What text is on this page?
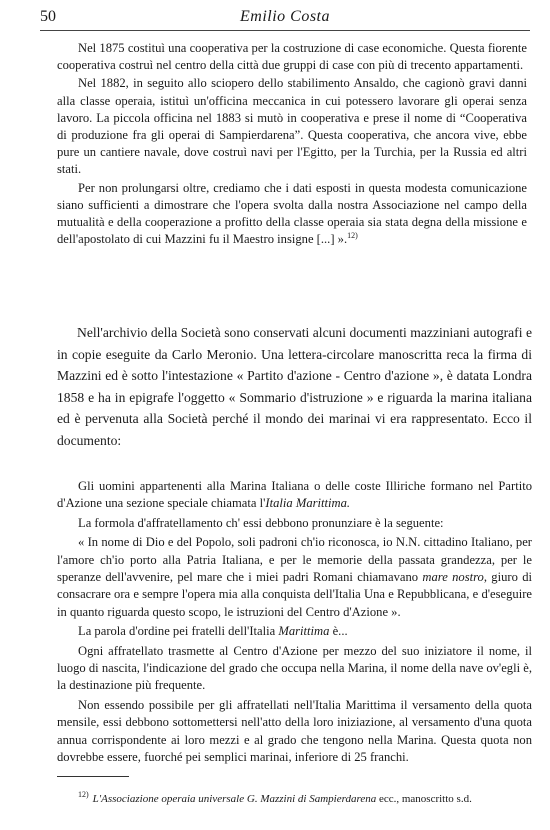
50	Emilio Costa

Nel 1875 costituì una cooperativa per la costruzione di case economiche. Questa fiorente cooperativa costruì nel centro della città due gruppi di case con più di trecento appartamenti.

Nel 1882, in seguito allo sciopero dello stabilimento Ansaldo, che cagionò gravi danni alla classe operaia, istituì un'officina meccanica in cui potessero lavorare gli operai senza lavoro. La piccola officina nel 1883 si mutò in cooperativa e prese il nome di “Cooperativa di produzione fra gli operai di Sampierdarena”. Questa cooperativa, che ancora vive, ebbe pure un cantiere navale, dove costruì navi per l'Egitto, per la Turchia, per la Russia ed altri stati.

Per non prolungarsi oltre, crediamo che i dati esposti in questa modesta comunicazione siano sufficienti a dimostrare che l'opera svolta dalla nostra Associazione nel campo della mutualità e della cooperazione a profitto della classe operaia sia stata degna della missione e dell'apostolato di cui Mazzini fu il Maestro insigne [...] ».$^{12)}$

Nell'archivio della Società sono conservati alcuni documenti mazziniani autografi e in copie eseguite da Carlo Meronio. Una lettera-circolare manoscritta reca la firma di Mazzini ed è sotto l'intestazione « Partito d'azione - Centro d'azione », è datata Londra 1858 e ha in epigrafe l'oggetto « Sommario d'istruzione » e riguarda la marina italiana ed è pervenuta alla Società perché il mondo dei marinai vi era rappresentato. Ecco il documento:

Gli uomini appartenenti alla Marina Italiana o delle coste Illiriche formano nel Partito d'Azione una sezione speciale chiamata l'Italia Marittima.

La formola d'affratellamento ch' essi debbono pronunziare è la seguente:

« In nome di Dio e del Popolo, soli padroni ch'io riconosca, io N.N. cittadino Italiano, per l'amore ch'io porto alla Patria Italiana, e per le memorie della passata grandezza, per le speranze dell'avvenire, pel mare che i miei padri Romani chiamavano mare nostro, giuro di consacrare ora e sempre l'opera mia alla conquista dell'Italia Una e Repubblicana, e d'eseguire in quanto riguarda questo scopo, le istruzioni del Centro d'Azione ».

La parola d'ordine pei fratelli dell'Italia Marittima è...

Ogni affratellato trasmette al Centro d'Azione per mezzo del suo iniziatore il nome, il luogo di nascita, l'indicazione del grado che occupa nella Marina, il nome della nave ov'egli è, la destinazione più frequente.

Non essendo possibile per gli affratellati nell'Italia Marittima il versamento della quota mensile, essi debbono sottomettersi nell'atto della loro iniziazione, al versamento d'una quota annua corrispondente ai loro mezzi e al grado che tengono nella Marina. Questa quota non dovrebbe essere, fuorché pei semplici marinai, inferiore di 25 franchi.

$^{12)}$ L'Associazione operaia universale G. Mazzini di Sampierdarena ecc., manoscritto s.d.
